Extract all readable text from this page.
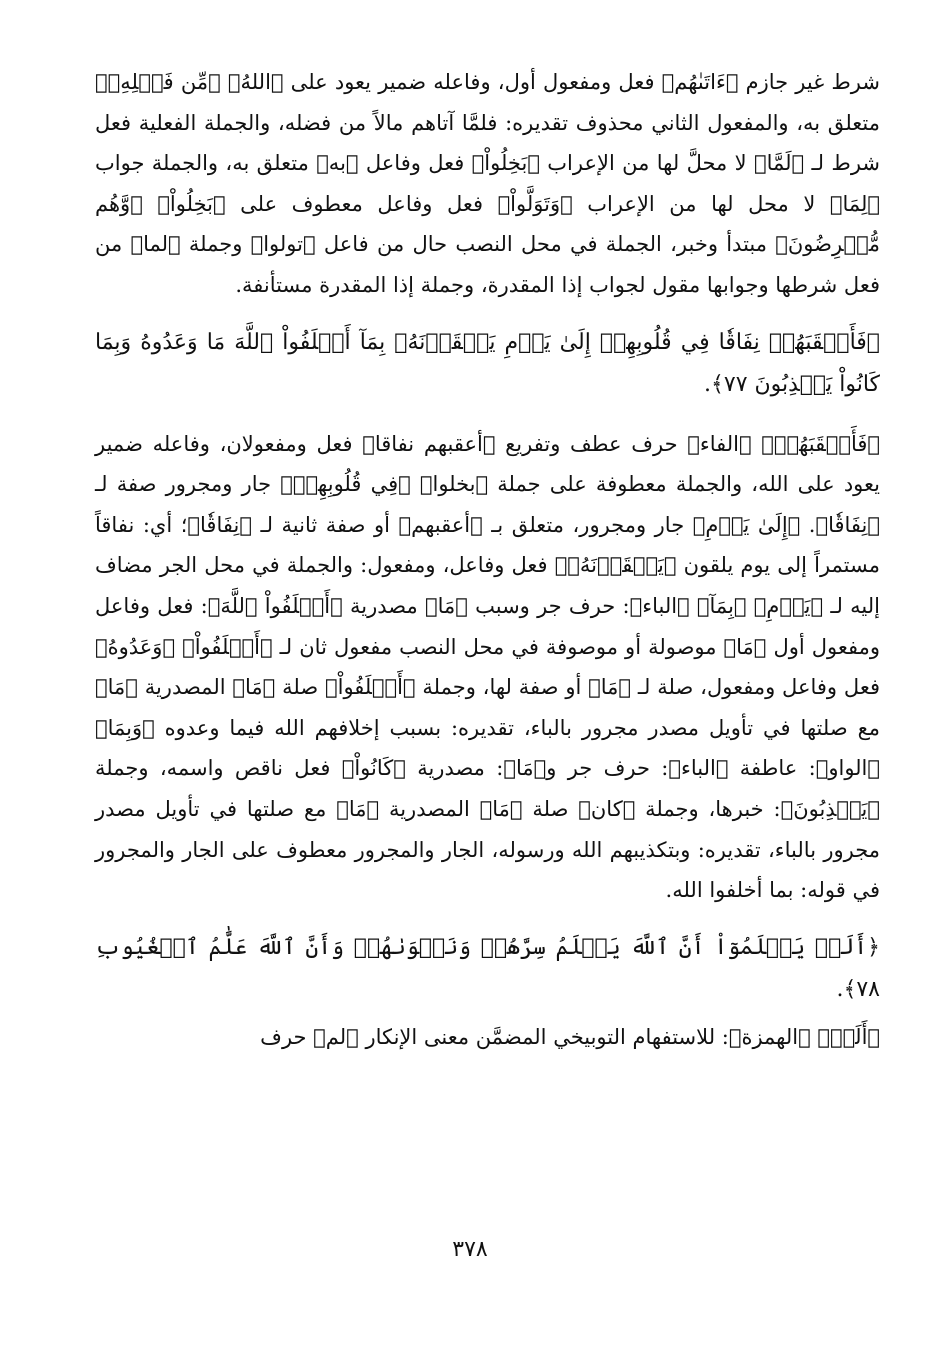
شرط غير جازم ﴿ءَاتَىٰهُم﴾ فعل ومفعول أول، وفاعله ضمير يعود على ﴿اللهُ﴾ ﴿مِّن فَضۡلِهِۦ﴾ متعلق به، والمفعول الثاني محذوف تقديره: فلمَّا آتاهم مالاً من فضله، والجملة الفعلية فعل شرط لـ ﴿لَمَّا﴾ لا محلَّ لها من الإعراب ﴿بَخِلُواْ﴾ فعل وفاعل ﴿به﴾ متعلق به، والجملة جواب ﴿لِمَا﴾ لا محل لها من الإعراب ﴿وَتَوَلَّواْ﴾ فعل وفاعل معطوف على ﴿بَخِلُواْ﴾ ﴿وَّهُم مُّعۡرِضُونَ﴾ مبتدأ وخبر، الجملة في محل النصب حال من فاعل ﴿تولوا﴾ وجملة ﴿لما﴾ من فعل شرطها وجوابها مقول لجواب إذا المقدرة، وجملة إذا المقدرة مستأنفة.

﴿فَأَعۡقَبَهُمۡ نِفَاقٗا فِي قُلُوبِهِمۡ إِلَىٰ يَوۡمِ يَلۡقَوۡنَهُۥ بِمَآ أَخۡلَفُواْ ٱللَّهَ مَا وَعَدُوهُ وَبِمَا كَانُواْ يَكۡذِبُونَ ٧٧﴾.

﴿فَأَعۡقَبَهُمۡ﴾ ﴿الفاء﴾ حرف عطف وتفريع ﴿أعقبهم نفاقا﴾ فعل ومفعولان، وفاعله ضمير يعود على الله، والجملة معطوفة على جملة ﴿بخلوا﴾ ﴿فِي قُلُوبِهِمۡ﴾ جار ومجرور صفة لـ ﴿نِفَاقٗا﴾. ﴿إِلَىٰ يَوۡمِ﴾ جار ومجرور، متعلق بـ ﴿أعقبهم﴾ أو صفة ثانية لـ ﴿نِفَاقٗا﴾؛ أي: نفاقاً مستمراً إلى يوم يلقون ﴿يَلۡقَوۡنَهُۥ﴾ فعل وفاعل، ومفعول: والجملة في محل الجر مضاف إليه لـ ﴿يَوۡمِ﴾ ﴿بِمَآ﴾ ﴿الباء﴾: حرف جر وسبب ﴿مَا﴾ مصدرية ﴿أَخۡلَفُواْ ٱللَّهَ﴾: فعل وفاعل ومفعول أول ﴿مَا﴾ موصولة أو موصوفة في محل النصب مفعول ثان لـ ﴿أَخۡلَفُواْ﴾ ﴿وَعَدُوهُ﴾ فعل وفاعل ومفعول، صلة لـ ﴿مَا﴾ أو صفة لها، وجملة ﴿أَخۡلَفُواْ﴾ صلة ﴿مَا﴾ المصدرية ﴿مَا﴾ مع صلتها في تأويل مصدر مجرور بالباء، تقديره: بسبب إخلافهم الله فيما وعدوه ﴿وَبِمَا﴾ ﴿الواو﴾: عاطفة ﴿الباء﴾: حرف جر و﴿مَا﴾: مصدرية ﴿كَانُواْ﴾ فعل ناقص واسمه، وجملة ﴿يَكۡذِبُونَ﴾: خبرها، وجملة ﴿كان﴾ صلة ﴿مَا﴾ المصدرية ﴿مَا﴾ مع صلتها في تأويل مصدر مجرور بالباء، تقديره: وبتكذيبهم الله ورسوله، الجار والمجرور معطوف على الجار والمجرور في قوله: بما أخلفوا الله.

﴿أَلَمۡ يَعۡلَمُوٓاْ أَنَّ ٱللَّهَ يَعۡلَمُ سِرَّهُمۡ وَنَجۡوَىٰهُمۡ وَأَنَّ ٱللَّهَ عَلَّٰمُ ٱلۡغُيُوبِ ٧٨﴾.

﴿أَلَمۡ﴾ ﴿الهمزة﴾: للاستفهام التوبيخي المضمَّن معنى الإنكار ﴿لم﴾ حرف

٣٧٨
